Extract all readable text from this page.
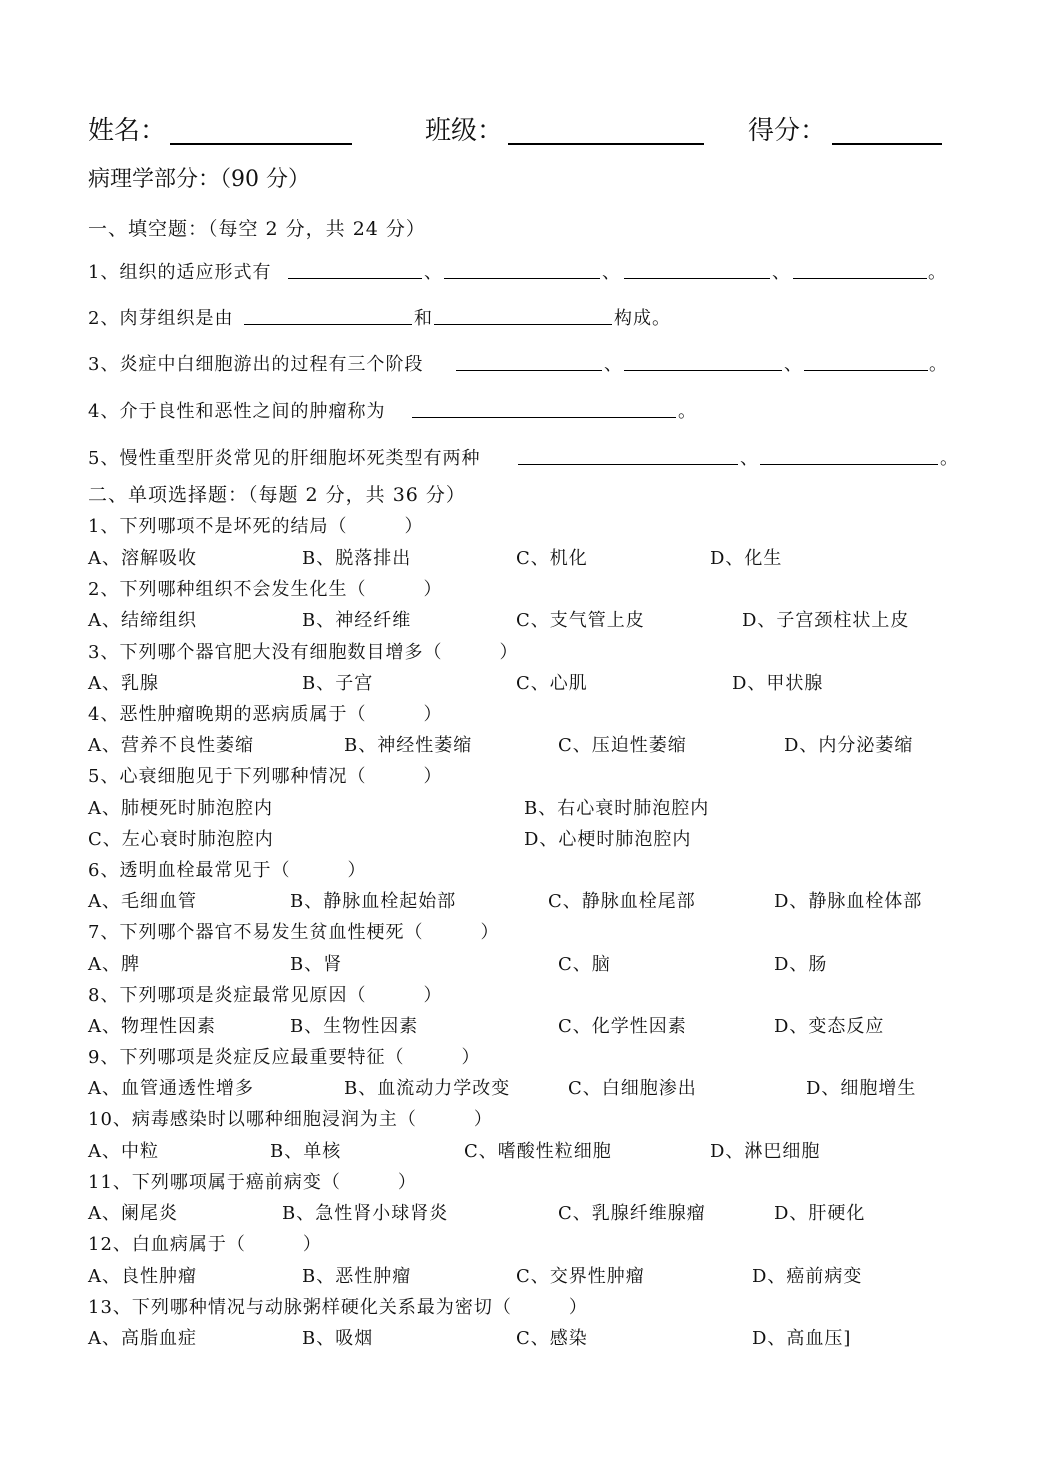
姓名：	班级：	得分：
病理学部分：（90 分）
一、填空题：（每空 2 分，共 24 分）
1、组织的适应形式有	、	、	、	。
2、肉芽组织是由	和	构成。
3、炎症中白细胞游出的过程有三个阶段	、	、	。
4、介于良性和恶性之间的肿瘤称为	。
5、慢性重型肝炎常见的肝细胞坏死类型有两种	、	。
二、单项选择题：（每题 2 分，共 36 分）
1、下列哪项不是坏死的结局（　　　）
A、溶解吸收	B、脱落排出	C、机化	D、化生
2、下列哪种组织不会发生化生（　　　）
A、结缔组织	B、神经纤维	C、支气管上皮	D、子宫颈柱状上皮
3、下列哪个器官肥大没有细胞数目增多（　　　）
A、乳腺	B、子宫	C、心肌	D、甲状腺
4、恶性肿瘤晚期的恶病质属于（　　　）
A、营养不良性萎缩	B、神经性萎缩	C、压迫性萎缩	D、内分泌萎缩
5、心衰细胞见于下列哪种情况（　　　）
A、肺梗死时肺泡腔内	B、右心衰时肺泡腔内
C、左心衰时肺泡腔内	D、心梗时肺泡腔内
6、透明血栓最常见于（　　　）
A、毛细血管	B、静脉血栓起始部	C、静脉血栓尾部	D、静脉血栓体部
7、下列哪个器官不易发生贫血性梗死（　　　）
A、脾	B、肾	C、脑	D、肠
8、下列哪项是炎症最常见原因（　　　）
A、物理性因素	B、生物性因素	C、化学性因素	D、变态反应
9、下列哪项是炎症反应最重要特征（　　　）
A、血管通透性增多	B、血流动力学改变	C、白细胞渗出	D、细胞增生
10、病毒感染时以哪种细胞浸润为主（　　　）
A、中粒	B、单核	C、嗜酸性粒细胞	D、淋巴细胞
11、下列哪项属于癌前病变（　　　）
A、阑尾炎	B、急性肾小球肾炎	C、乳腺纤维腺瘤	D、肝硬化
12、白血病属于（　　　）
A、良性肿瘤	B、恶性肿瘤	C、交界性肿瘤	D、癌前病变
13、下列哪种情况与动脉粥样硬化关系最为密切（　　　）
A、高脂血症	B、吸烟	C、感染	D、高血压]
